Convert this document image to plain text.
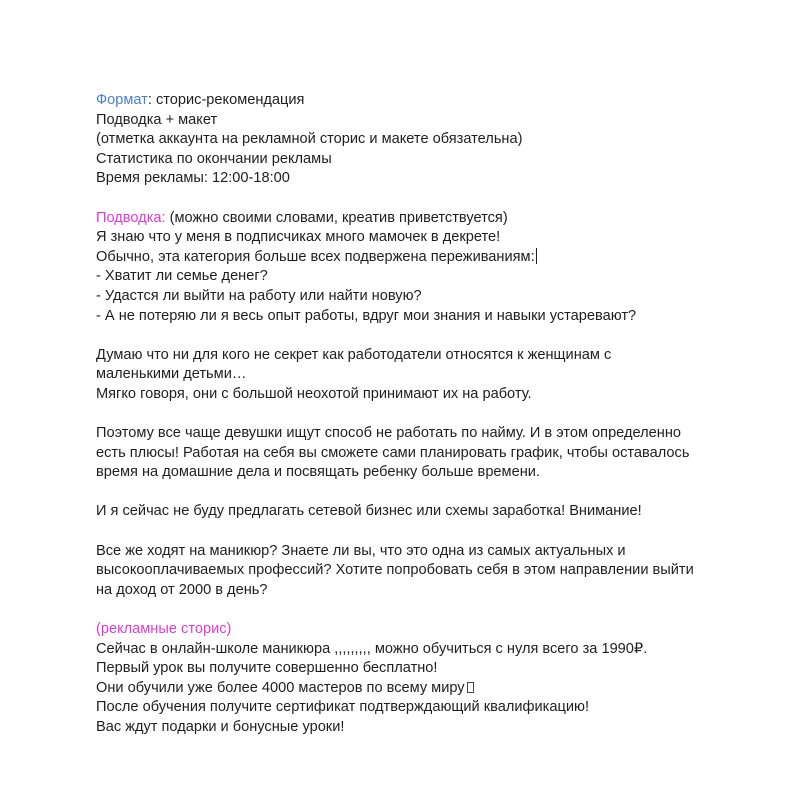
Формат: сторис-рекомендация
Подводка + макет
(отметка аккаунта на рекламной сторис и макете обязательна)
Статистика по окончании рекламы
Время рекламы: 12:00-18:00
Подводка: (можно своими словами, креатив приветствуется)
Я знаю что у меня в подписчиках много мамочек в декрете!
Обычно, эта категория больше всех подвержена переживаниям:
- Хватит ли семье денег?
- Удастся ли выйти на работу или найти новую?
- А не потеряю ли я весь опыт работы, вдруг мои знания и навыки устаревают?
Думаю что ни для кого не секрет как работодатели относятся к женщинам с
маленькими детьми…
Мягко говоря, они с большой неохотой принимают их на работу.
Поэтому все чаще девушки ищут способ не работать по найму. И в этом определенно
есть плюсы! Работая на себя вы сможете сами планировать график, чтобы оставалось
время на домашние дела и посвящать ребенку больше времени.
И я сейчас не буду предлагать сетевой бизнес или схемы заработка! Внимание!
Все же ходят на маникюр? Знаете ли вы, что это одна из самых актуальных и
высокооплачиваемых профессий? Хотите попробовать себя в этом направлении выйти
на доход от 2000 в день?
(рекламные сторис)
Сейчас в онлайн-школе маникюра ,,,,,,,,, можно обучиться с нуля всего за 1990₽.
Первый урок вы получите совершенно бесплатно!
Они обучили уже более 4000 мастеров по всему миру
После обучения получите сертификат подтверждающий квалификацию!
Вас ждут подарки и бонусные уроки!
